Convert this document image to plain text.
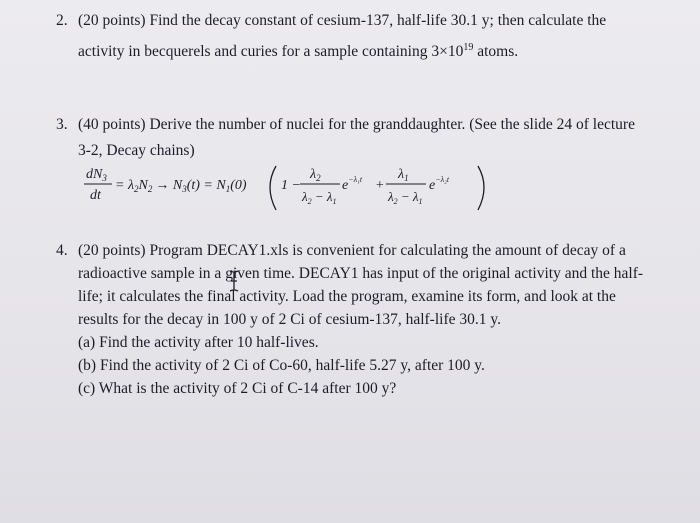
2. (20 points) Find the decay constant of cesium-137, half-life 30.1 y; then calculate the
activity in becquerels and curies for a sample containing $3\times 10^{19}$ atoms.
3. (40 points) Derive the number of nuclei for the granddaughter. (See the slide 24 of lecture
3-2, Decay chains)
$dN_3$
dt
= $\lambda_2N_2 \to N_3(t) = N_1(0) 1$ −
$\lambda_2$
$\lambda_2 - \lambda_1$
$e^{-\lambda_1t}$ +
$\lambda_1$
$\lambda_2 - \lambda_1$
$e^{-\lambda_2t}$
4. (20 points) Program DECAY1.xls is convenient for calculating the amount of decay of a
radioactive sample in a given time. DECAY1 has input of the original activity and the half-
life; it calculates the final activity. Load the program, examine its form, and look at the
results for the decay in 100 y of 2 Ci of cesium-137, half-life 30.1 y.
(a) Find the activity after 10 half-lives.
(b) Find the activity of 2 Ci of Co-60, half-life 5.27 y, after 100 y.
(c) What is the activity of 2 Ci of C-14 after 100 y?
